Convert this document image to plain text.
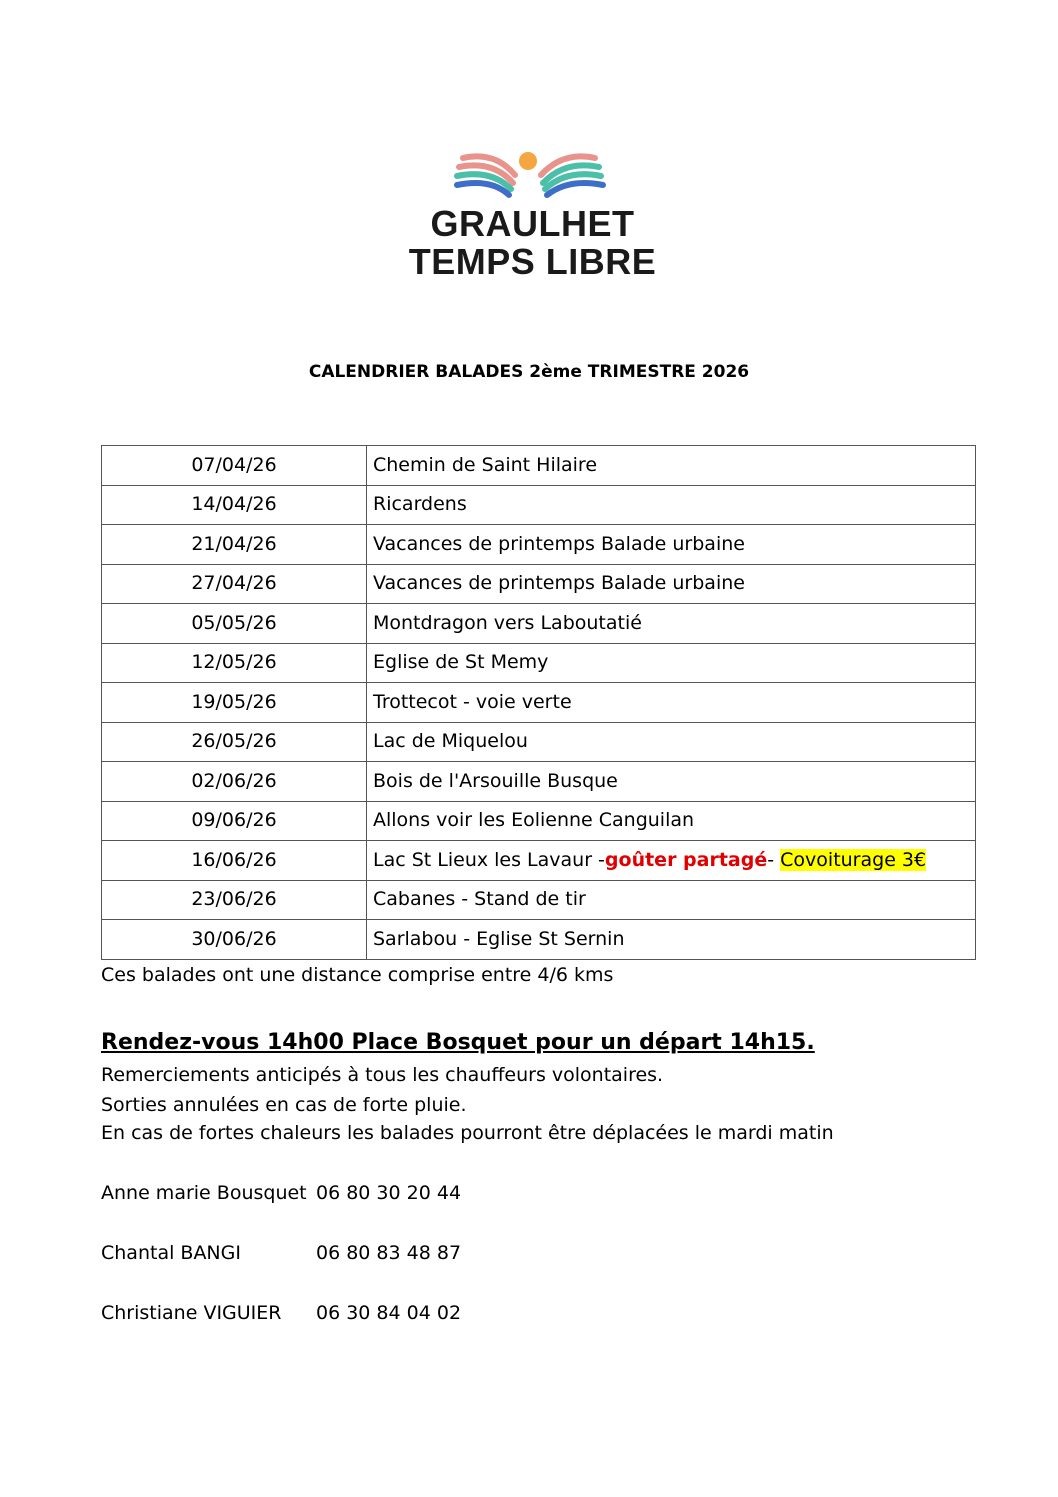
GRAULHET
TEMPS LIBRE
CALENDRIER BALADES 2ème TRIMESTRE 2026
07/04/26	Chemin de Saint Hilaire
14/04/26	Ricardens
21/04/26	Vacances de printemps Balade urbaine
27/04/26	Vacances de printemps Balade urbaine
05/05/26	Montdragon vers Laboutatié
12/05/26	Eglise de St Memy
19/05/26	Trottecot - voie verte
26/05/26	Lac de Miquelou
02/06/26	Bois de l'Arsouille Busque
09/06/26	Allons voir les Eolienne Canguilan
16/06/26	Lac St Lieux les Lavaur -goûter partagé- Covoiturage 3€
23/06/26	Cabanes - Stand de tir
30/06/26	Sarlabou - Eglise St Sernin
Ces balades ont une distance comprise entre 4/6 kms
Rendez-vous 14h00 Place Bosquet pour un départ 14h15.
Remerciements anticipés à tous les chauffeurs volontaires.
Sorties annulées en cas de forte pluie.
En cas de fortes chaleurs les balades pourront être déplacées le mardi matin
Anne marie Bousquet 06 80 30 20 44
Chantal BANGI	06 80 83 48 87
Christiane VIGUIER 06 30 84 04 02
